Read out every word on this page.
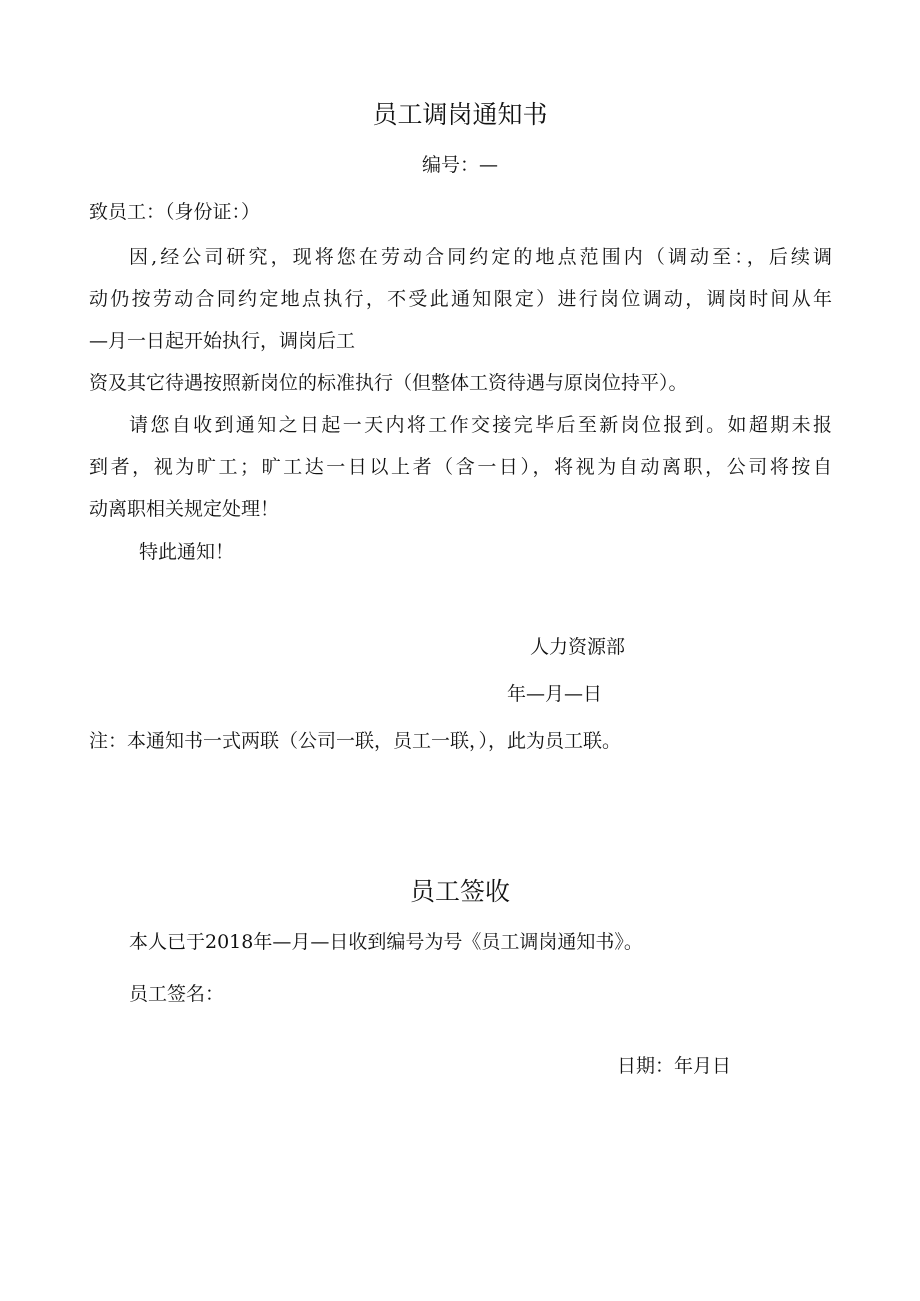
员工调岗通知书
编号：—
致员工：（身份证：）
因,经公司研究，现将您在劳动合同约定的地点范围内（调动至：，后续调
动仍按劳动合同约定地点执行，不受此通知限定）进行岗位调动，调岗时间从年
—月一日起开始执行，调岗后工
资及其它待遇按照新岗位的标准执行（但整体工资待遇与原岗位持平）。
请您自收到通知之日起一天内将工作交接完毕后至新岗位报到。如超期未报
到者，视为旷工；旷工达一日以上者（含一日），将视为自动离职，公司将按自
动离职相关规定处理！
特此通知！
人力资源部
年—月—日
注：本通知书一式两联（公司一联，员工一联，），此为员工联。
员工签收
本人已于2018年—月—日收到编号为号《员工调岗通知书》。
员工签名：
日期：年月日
